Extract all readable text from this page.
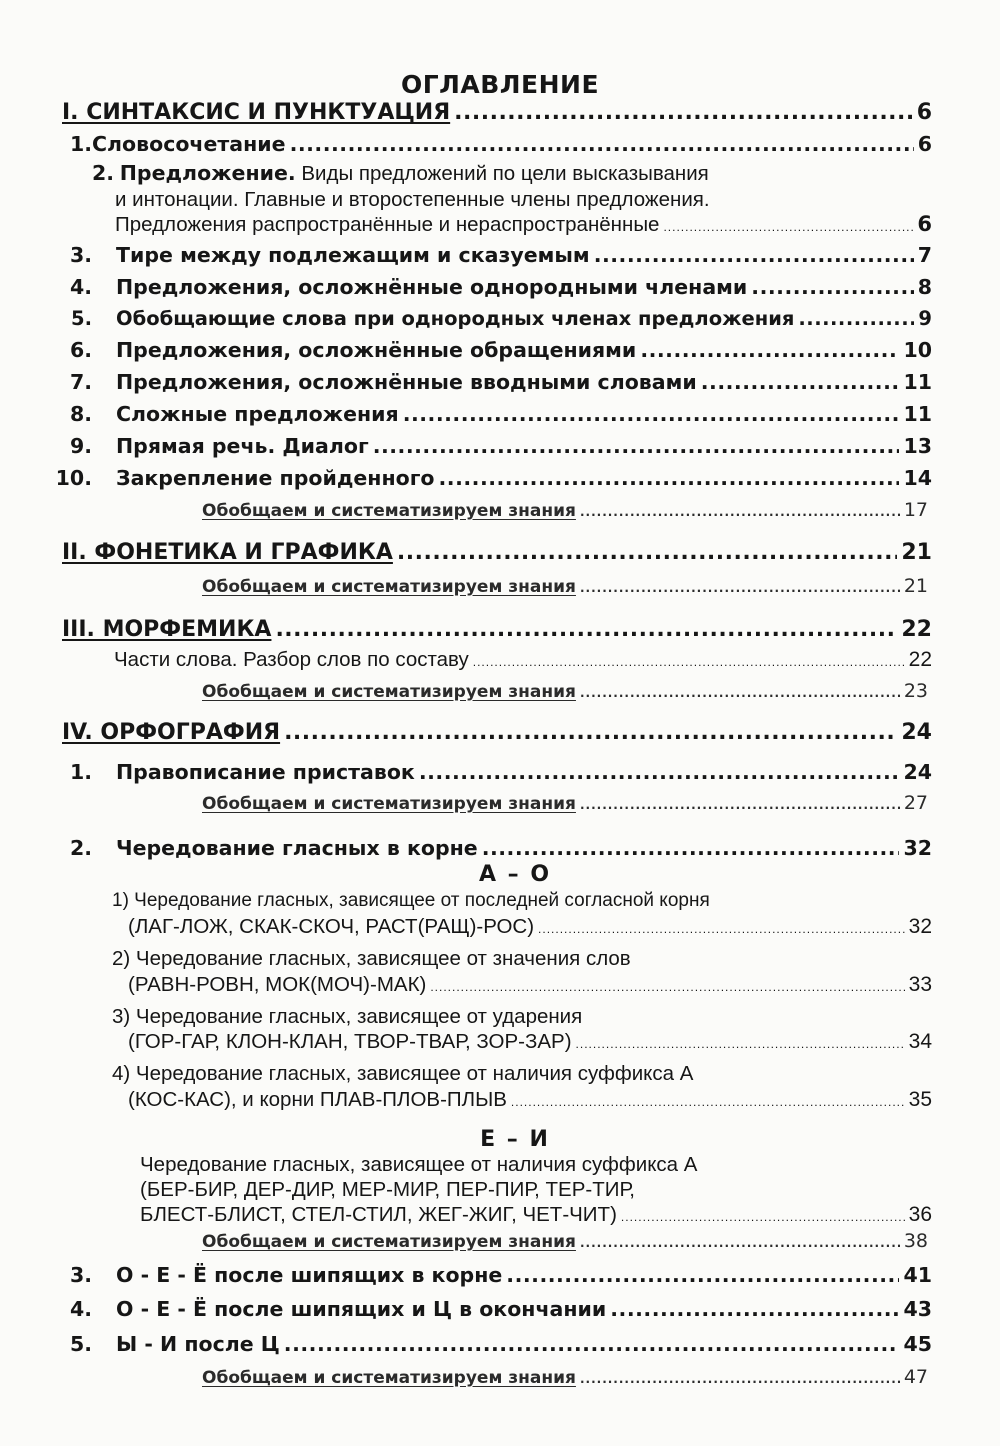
ОГЛАВЛЕНИЕ
I. СИНТАКСИС И ПУНКТУАЦИЯ .....	6
1. Словосочетание .....	6
2. Предложение. Виды предложений по цели высказывания
и интонации. Главные и второстепенные члены предложения.
Предложения распространённые и нераспространённые .....	6
3. Тире между подлежащим и сказуемым .....	7
4. Предложения, осложнённые однородными членами .....	8
5. Обобщающие слова при однородных членах предложения .....	9
6. Предложения, осложнённые обращениями .....	10
7. Предложения, осложнённые вводными словами .....	11
8. Сложные предложения .....	11
9. Прямая речь. Диалог .....	13
10. Закрепление пройденного .....	14
Обобщаем и систематизируем знания .....	17
II. ФОНЕТИКА И ГРАФИКА .....	21
Обобщаем и систематизируем знания .....	21
III. МОРФЕМИКА .....	22
Части слова. Разбор слов по составу .....	22
Обобщаем и систематизируем знания .....	23
IV. ОРФОГРАФИЯ .....	24
1. Правописание приставок .....	24
Обобщаем и систематизируем знания .....	27
2. Чередование гласных в корне .....	32
А – О
1) Чередование гласных, зависящее от последней согласной корня
(ЛАГ-ЛОЖ, СКАК-СКОЧ, РАСТ(РАЩ)-РОС) .....	32
2) Чередование гласных, зависящее от значения слов
(РАВН-РОВН, МОК(МОЧ)-МАК) .....	33
3) Чередование гласных, зависящее от ударения
(ГОР-ГАР, КЛОН-КЛАН, ТВОР-ТВАР, ЗОР-ЗАР) .....	34
4) Чередование гласных, зависящее от наличия суффикса А
(КОС-КАС), и корни ПЛАВ-ПЛОВ-ПЛЫВ .....	35
Е – И
Чередование гласных, зависящее от наличия суффикса А
(БЕР-БИР, ДЕР-ДИР, МЕР-МИР, ПЕР-ПИР, ТЕР-ТИР,
БЛЕСТ-БЛИСТ, СТЕЛ-СТИЛ, ЖЕГ-ЖИГ, ЧЕТ-ЧИТ) .....	36
Обобщаем и систематизируем знания .....	38
3. О - Е - Ё после шипящих в корне .....	41
4. О - Е - Ё после шипящих и Ц в окончании .....	43
5. Ы - И после Ц .....	45
Обобщаем и систематизируем знания .....	47
